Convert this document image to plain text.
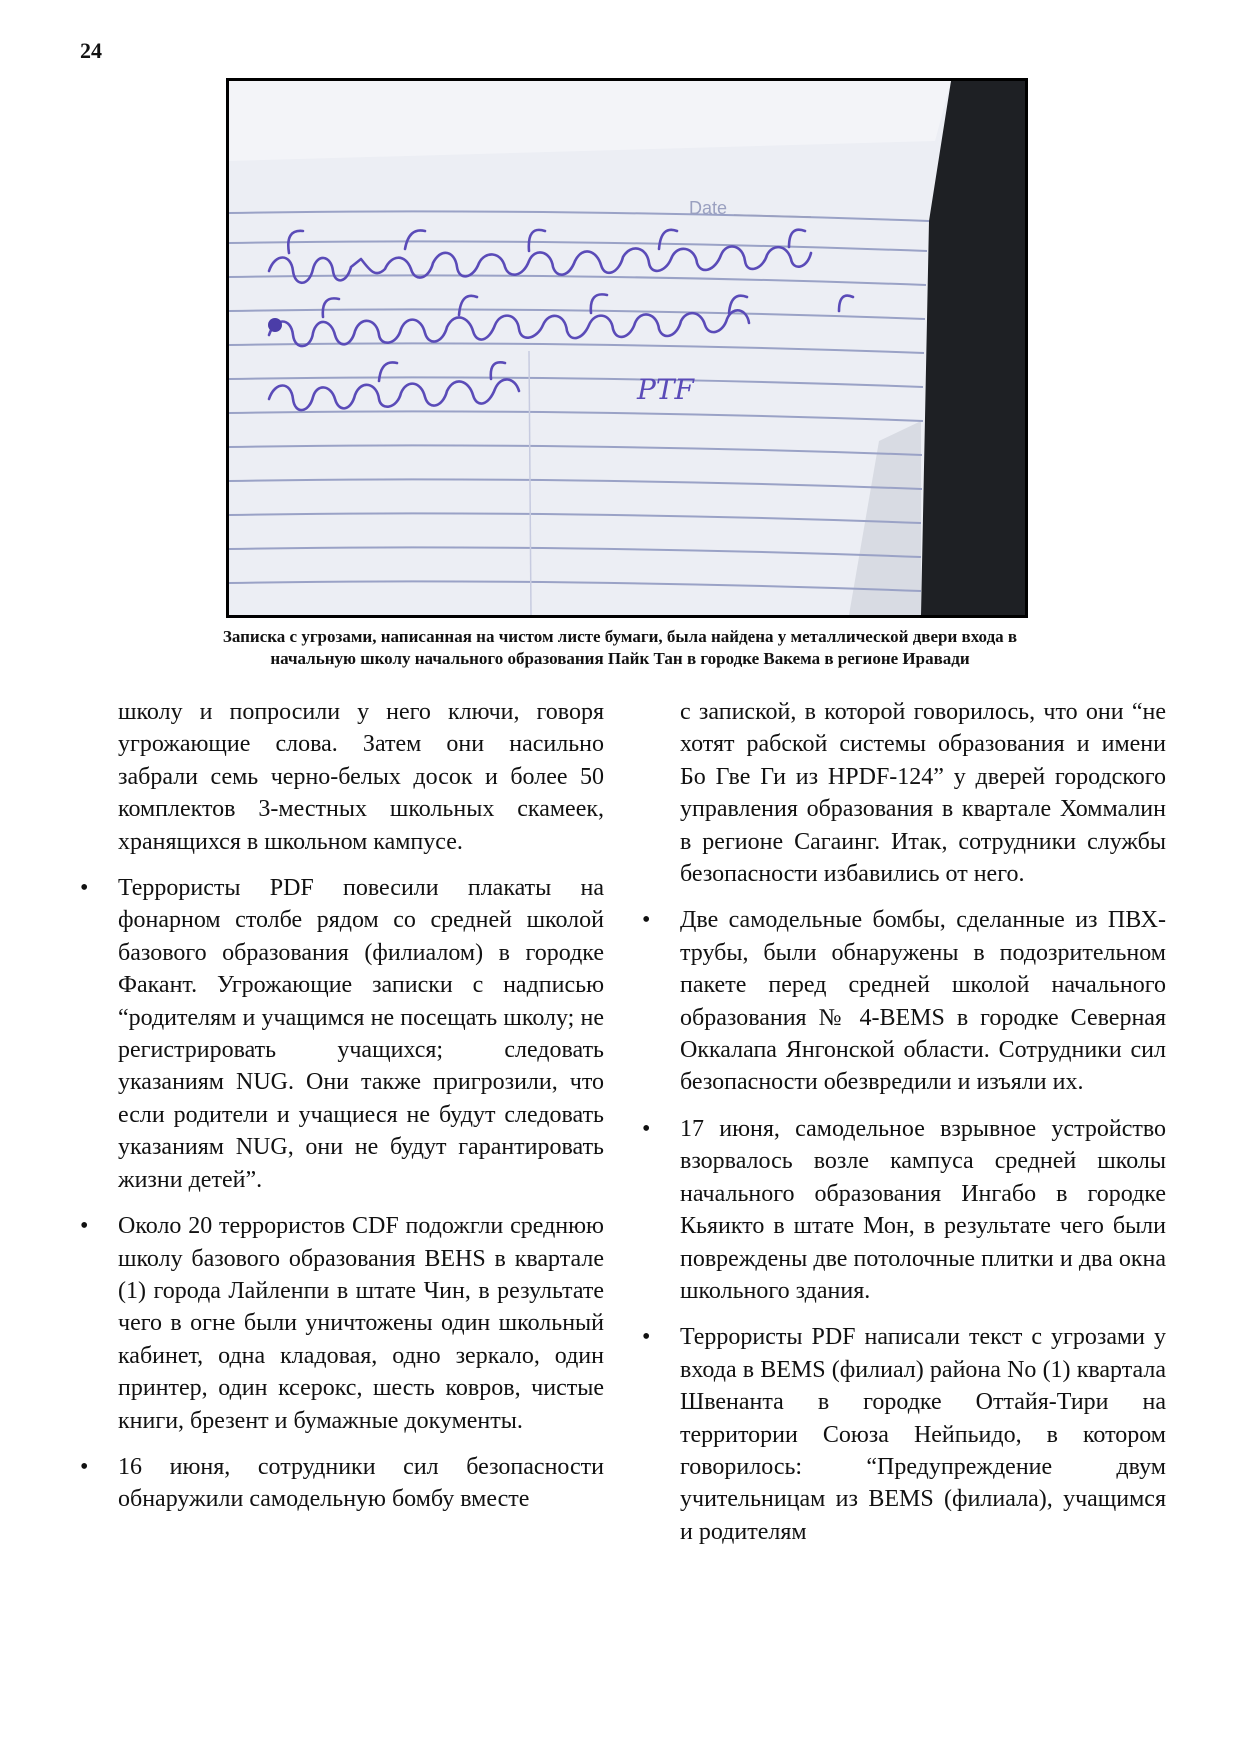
24
Date
PTF
Записка с угрозами, написанная на чистом листе бумаги, была найдена у металлической двери входа в
начальную школу начального образования Пайк Тан в городке Вакема в регионе Иравади

школу и попросили у него ключи, говоря угрожающие слова. Затем они насильно забрали семь черно-белых досок и более 50 комплектов 3-местных школьных скамеек, хранящихся в школьном кампусе.

• Террористы PDF повесили плакаты на фонарном столбе рядом со средней школой базового образования (филиалом) в городке Факант. Угрожающие записки с надписью “родителям и учащимся не посещать школу; не регистрировать учащихся; следовать указаниям NUG. Они также пригрозили, что если родители и учащиеся не будут следовать указаниям NUG, они не будут гарантировать жизни детей”.
• Около 20 террористов CDF подожгли среднюю школу базового образования BEHS в квартале (1) города Лайленпи в штате Чин, в результате чего в огне были уничтожены один школьный кабинет, одна кладовая, одно зеркало, один принтер, один ксерокс, шесть ковров, чистые книги, брезент и бумажные документы.
• 16 июня, сотрудники сил безопасности обнаружили самодельную бомбу вместе

с запиской, в которой говорилось, что они “не хотят рабской системы образования и имени Бо Гве Ги из HPDF-124” у дверей городского управления образования в квартале Хоммалин в регионе Сагаинг. Итак, сотрудники службы безопасности избавились от него.

• Две самодельные бомбы, сделанные из ПВХ-трубы, были обнаружены в подозрительном пакете перед средней школой начального образования № 4-BEMS в городке Северная Оккалапа Янгонской области. Сотрудники сил безопасности обезвредили и изъяли их.
• 17 июня, самодельное взрывное устройство взорвалось возле кампуса средней школы начального образования Ингабо в городке Кьяикто в штате Мон, в результате чего были повреждены две потолочные плитки и два окна школьного здания.
• Террористы PDF написали текст с угрозами у входа в BEMS (филиал) района No (1) квартала Швенанта в городке Оттайя-Тири на территории Союза Нейпьидо, в котором говорилось: “Предупреждение двум учительницам из BEMS (филиала), учащимся и родителям
